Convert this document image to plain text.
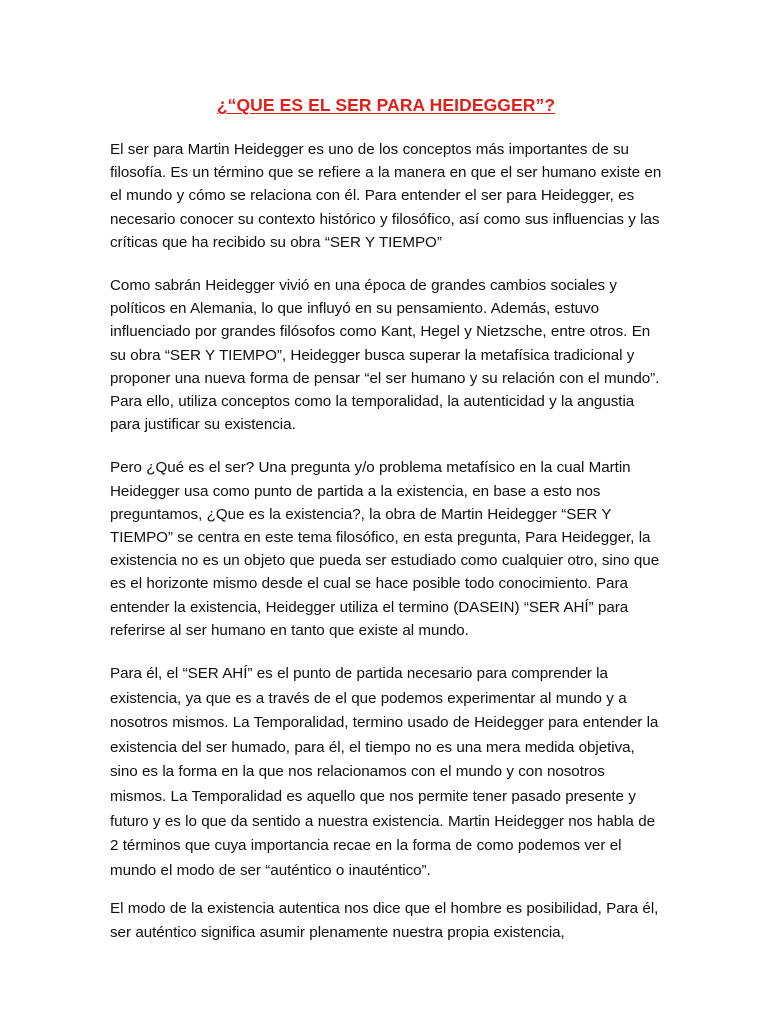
¿“QUE ES EL SER PARA HEIDEGGER”?

El ser para Martin Heidegger es uno de los conceptos más importantes de su filosofía. Es un término que se refiere a la manera en que el ser humano existe en el mundo y cómo se relaciona con él. Para entender el ser para Heidegger, es necesario conocer su contexto histórico y filosófico, así como sus influencias y las críticas que ha recibido su obra “SER Y TIEMPO”

Como sabrán Heidegger vivió en una época de grandes cambios sociales y políticos en Alemania, lo que influyó en su pensamiento. Además, estuvo influenciado por grandes filósofos como Kant, Hegel y Nietzsche, entre otros. En su obra “SER Y TIEMPO”, Heidegger busca superar la metafísica tradicional y proponer una nueva forma de pensar “el ser humano y su relación con el mundo”. Para ello, utiliza conceptos como la temporalidad, la autenticidad y la angustia para justificar su existencia.

Pero ¿Qué es el ser? Una pregunta y/o problema metafísico en la cual Martin Heidegger usa como punto de partida a la existencia, en base a esto nos preguntamos, ¿Que es la existencia?, la obra de Martin Heidegger “SER Y TIEMPO” se centra en este tema filosófico, en esta pregunta, Para Heidegger, la existencia no es un objeto que pueda ser estudiado como cualquier otro, sino que es el horizonte mismo desde el cual se hace posible todo conocimiento. Para entender la existencia, Heidegger utiliza el termino (DASEIN) “SER AHÍ” para referirse al ser humano en tanto que existe al mundo.

Para él, el “SER AHÍ” es el punto de partida necesario para comprender la existencia, ya que es a través de el que podemos experimentar al mundo y a nosotros mismos. La Temporalidad, termino usado de Heidegger para entender la existencia del ser humado, para él, el tiempo no es una mera medida objetiva, sino es la forma en la que nos relacionamos con el mundo y con nosotros mismos. La Temporalidad es aquello que nos permite tener pasado presente y futuro y es lo que da sentido a nuestra existencia. Martin Heidegger nos habla de 2 términos que cuya importancia recae en la forma de como podemos ver el mundo el modo de ser “auténtico o inauténtico”.

El modo de la existencia autentica nos dice que el hombre es posibilidad, Para él, ser auténtico significa asumir plenamente nuestra propia existencia,
